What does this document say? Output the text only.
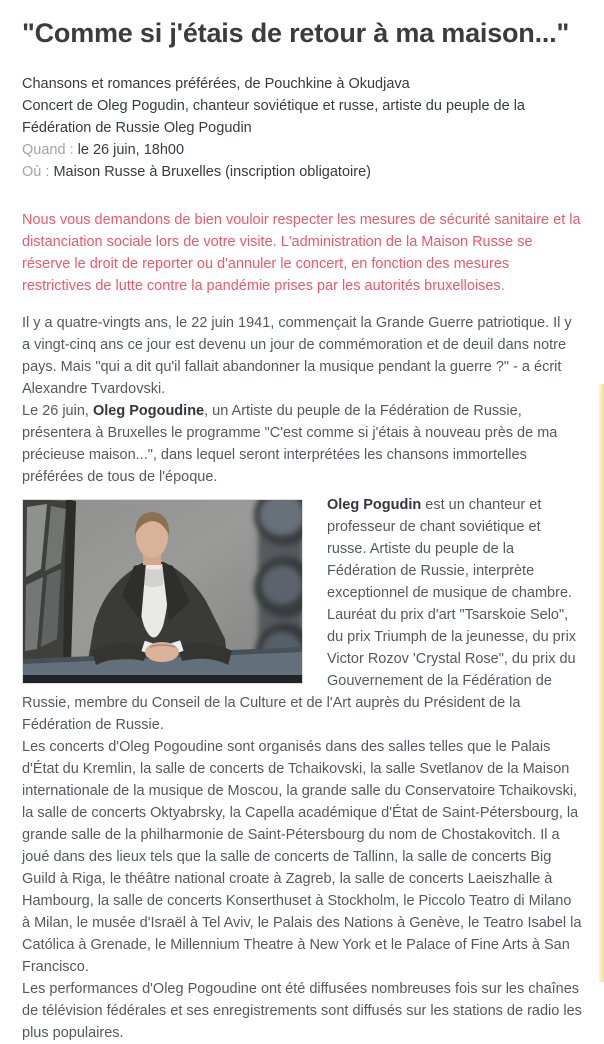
"Comme si j'étais de retour à ma maison..."

Chansons et romances préférées, de Pouchkine à Okudjava

Concert de Oleg Pogudin, chanteur soviétique et russe, artiste du peuple de la Fédération de Russie Oleg Pogudin

Quand : le 26 juin, 18h00

Où : Maison Russe à Bruxelles (inscription obligatoire)

Nous vous demandons de bien vouloir respecter les mesures de sécurité sanitaire et la distanciation sociale lors de votre visite. L'administration de la Maison Russe se réserve le droit de reporter ou d'annuler le concert, en fonction des mesures restrictives de lutte contre la pandémie prises par les autorités bruxelloises.

Il y a quatre-vingts ans, le 22 juin 1941, commençait la Grande Guerre patriotique. Il y a vingt-cinq ans ce jour est devenu un jour de commémoration et de deuil dans notre pays. Mais "qui a dit qu'il fallait abandonner la musique pendant la guerre ?" - a écrit Alexandre Tvardovski.

Le 26 juin, Oleg Pogoudine, un Artiste du peuple de la Fédération de Russie, présentera à Bruxelles le programme "C'est comme si j'étais à nouveau près de ma précieuse maison...", dans lequel seront interprétées les chansons immortelles préférées de tous de l'époque.

Oleg Pogudin est un chanteur et professeur de chant soviétique et russe. Artiste du peuple de la Fédération de Russie, interprète exceptionnel de musique de chambre. Lauréat du prix d'art "Tsarskoie Selo", du prix Triumph de la jeunesse, du prix Victor Rozov 'Crystal Rose", du prix du Gouvernement de la Fédération de Russie, membre du Conseil de la Culture et de l'Art auprès du Président de la Fédération de Russie.

Les concerts d'Oleg Pogoudine sont organisés dans des salles telles que le Palais d'État du Kremlin, la salle de concerts de Tchaikovski, la salle Svetlanov de la Maison internationale de la musique de Moscou, la grande salle du Conservatoire Tchaikovski, la salle de concerts Oktyabrsky, la Capella académique d'État de Saint-Pétersbourg, la grande salle de la philharmonie de Saint-Pétersbourg du nom de Chostakovitch. Il a joué dans des lieux tels que la salle de concerts de Tallinn, la salle de concerts Big Guild à Riga, le théâtre national croate à Zagreb, la salle de concerts Laeiszhalle à Hambourg, la salle de concerts Konserthuset à Stockholm, le Piccolo Teatro di Milano à Milan, le musée d'Israël à Tel Aviv, le Palais des Nations à Genève, le Teatro Isabel la Católica à Grenade, le Millennium Theatre à New York et le Palace of Fine Arts à San Francisco.

Les performances d'Oleg Pogoudine ont été diffusées nombreuses fois sur les chaînes de télévision fédérales et ses enregistrements sont diffusés sur les stations de radio les plus populaires.
